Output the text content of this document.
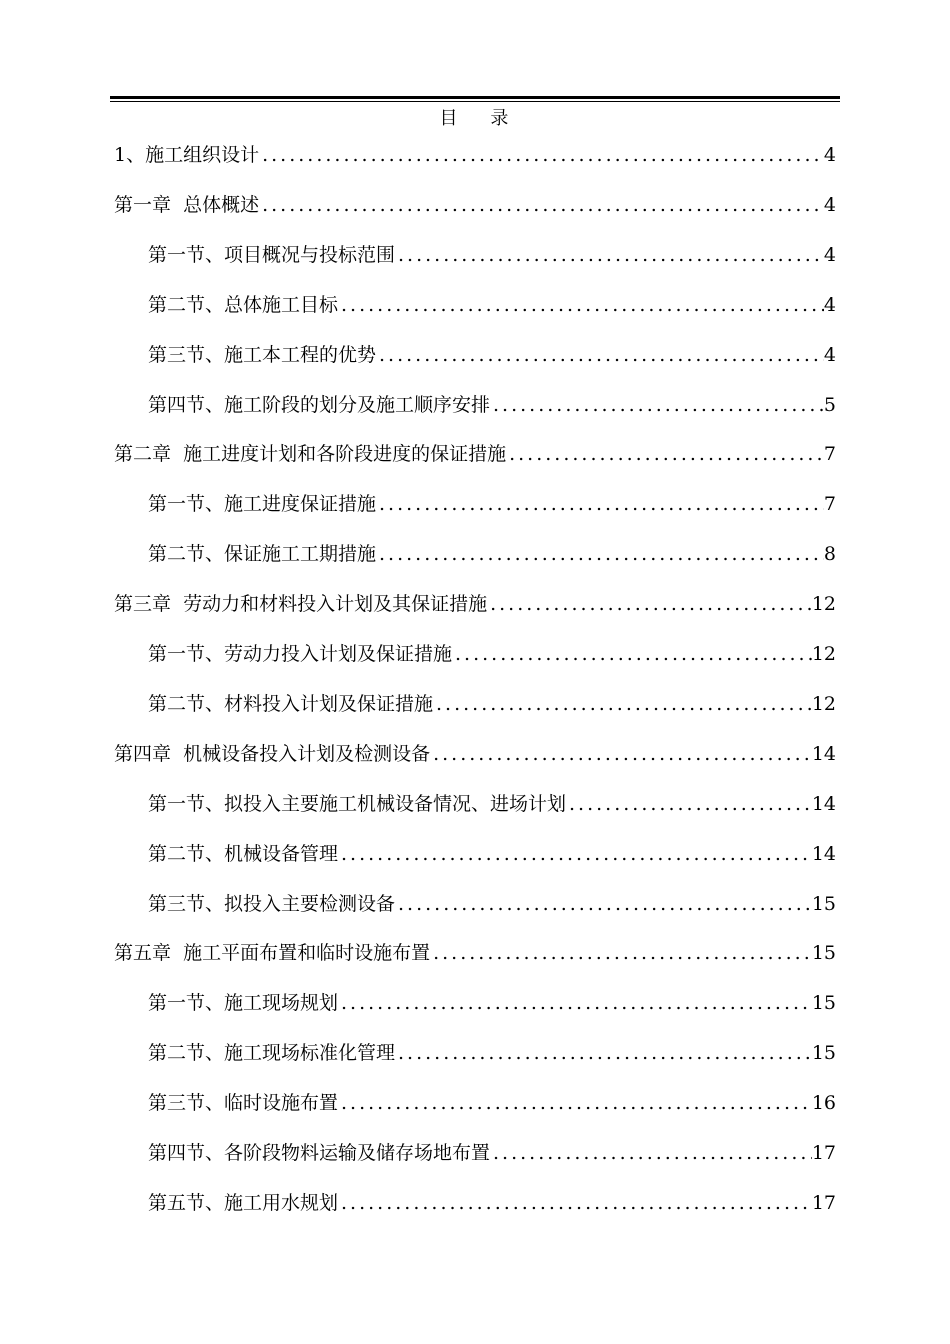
目    录
1、施工组织设计 .....	4
第一章  总体概述 .....	4
第一节、项目概况与投标范围 .....	4
第二节、总体施工目标 .....	4
第三节、施工本工程的优势 .....	4
第四节、施工阶段的划分及施工顺序安排 .....	5
第二章  施工进度计划和各阶段进度的保证措施 .....	7
第一节、施工进度保证措施 .....	7
第二节、保证施工工期措施 .....	8
第三章  劳动力和材料投入计划及其保证措施 .....	12
第一节、劳动力投入计划及保证措施 .....	12
第二节、材料投入计划及保证措施 .....	12
第四章  机械设备投入计划及检测设备 .....	14
第一节、拟投入主要施工机械设备情况、进场计划 .....	14
第二节、机械设备管理 .....	14
第三节、拟投入主要检测设备 .....	15
第五章  施工平面布置和临时设施布置 .....	15
第一节、施工现场规划 .....	15
第二节、施工现场标准化管理 .....	15
第三节、临时设施布置 .....	16
第四节、各阶段物料运输及储存场地布置 .....	17
第五节、施工用水规划 .....	17
